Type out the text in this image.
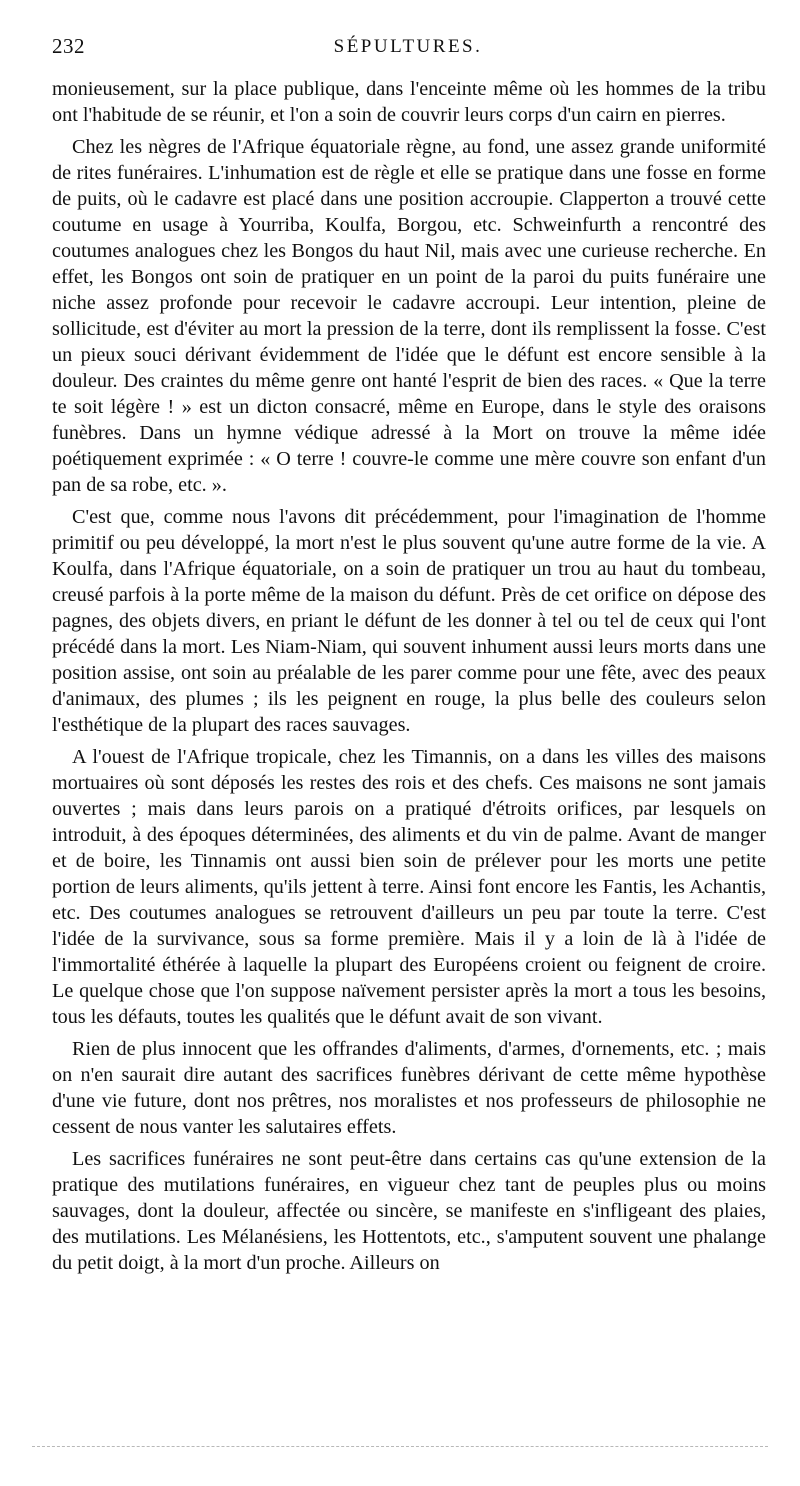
232	SÉPULTURES.

monieusement, sur la place publique, dans l'enceinte même où les hommes de la tribu ont l'habitude de se réunir, et l'on a soin de couvrir leurs corps d'un cairn en pierres.

Chez les nègres de l'Afrique équatoriale règne, au fond, une assez grande uniformité de rites funéraires. L'inhumation est de règle et elle se pratique dans une fosse en forme de puits, où le cadavre est placé dans une position accroupie. Clapperton a trouvé cette coutume en usage à Yourriba, Koulfa, Borgou, etc. Schweinfurth a rencontré des coutumes analogues chez les Bongos du haut Nil, mais avec une curieuse recherche. En effet, les Bongos ont soin de pratiquer en un point de la paroi du puits funéraire une niche assez profonde pour recevoir le cadavre accroupi. Leur intention, pleine de sollicitude, est d'éviter au mort la pression de la terre, dont ils remplissent la fosse. C'est un pieux souci dérivant évidemment de l'idée que le défunt est encore sensible à la douleur. Des craintes du même genre ont hanté l'esprit de bien des races. « Que la terre te soit légère ! » est un dicton consacré, même en Europe, dans le style des oraisons funèbres. Dans un hymne védique adressé à la Mort on trouve la même idée poétiquement exprimée : « O terre ! couvre-le comme une mère couvre son enfant d'un pan de sa robe, etc. ».

C'est que, comme nous l'avons dit précédemment, pour l'imagination de l'homme primitif ou peu développé, la mort n'est le plus souvent qu'une autre forme de la vie. A Koulfa, dans l'Afrique équatoriale, on a soin de pratiquer un trou au haut du tombeau, creusé parfois à la porte même de la maison du défunt. Près de cet orifice on dépose des pagnes, des objets divers, en priant le défunt de les donner à tel ou tel de ceux qui l'ont précédé dans la mort. Les Niam-Niam, qui souvent inhument aussi leurs morts dans une position assise, ont soin au préalable de les parer comme pour une fête, avec des peaux d'animaux, des plumes ; ils les peignent en rouge, la plus belle des couleurs selon l'esthétique de la plupart des races sauvages.

A l'ouest de l'Afrique tropicale, chez les Timannis, on a dans les villes des maisons mortuaires où sont déposés les restes des rois et des chefs. Ces maisons ne sont jamais ouvertes ; mais dans leurs parois on a pratiqué d'étroits orifices, par lesquels on introduit, à des époques déterminées, des aliments et du vin de palme. Avant de manger et de boire, les Tinnamis ont aussi bien soin de prélever pour les morts une petite portion de leurs aliments, qu'ils jettent à terre. Ainsi font encore les Fantis, les Achantis, etc. Des coutumes analogues se retrouvent d'ailleurs un peu par toute la terre. C'est l'idée de la survivance, sous sa forme première. Mais il y a loin de là à l'idée de l'immortalité éthérée à laquelle la plupart des Européens croient ou feignent de croire. Le quelque chose que l'on suppose naïvement persister après la mort a tous les besoins, tous les défauts, toutes les qualités que le défunt avait de son vivant.

Rien de plus innocent que les offrandes d'aliments, d'armes, d'ornements, etc. ; mais on n'en saurait dire autant des sacrifices funèbres dérivant de cette même hypothèse d'une vie future, dont nos prêtres, nos moralistes et nos professeurs de philosophie ne cessent de nous vanter les salutaires effets.

Les sacrifices funéraires ne sont peut-être dans certains cas qu'une extension de la pratique des mutilations funéraires, en vigueur chez tant de peuples plus ou moins sauvages, dont la douleur, affectée ou sincère, se manifeste en s'infligeant des plaies, des mutilations. Les Mélanésiens, les Hottentots, etc., s'amputent souvent une phalange du petit doigt, à la mort d'un proche. Ailleurs on
